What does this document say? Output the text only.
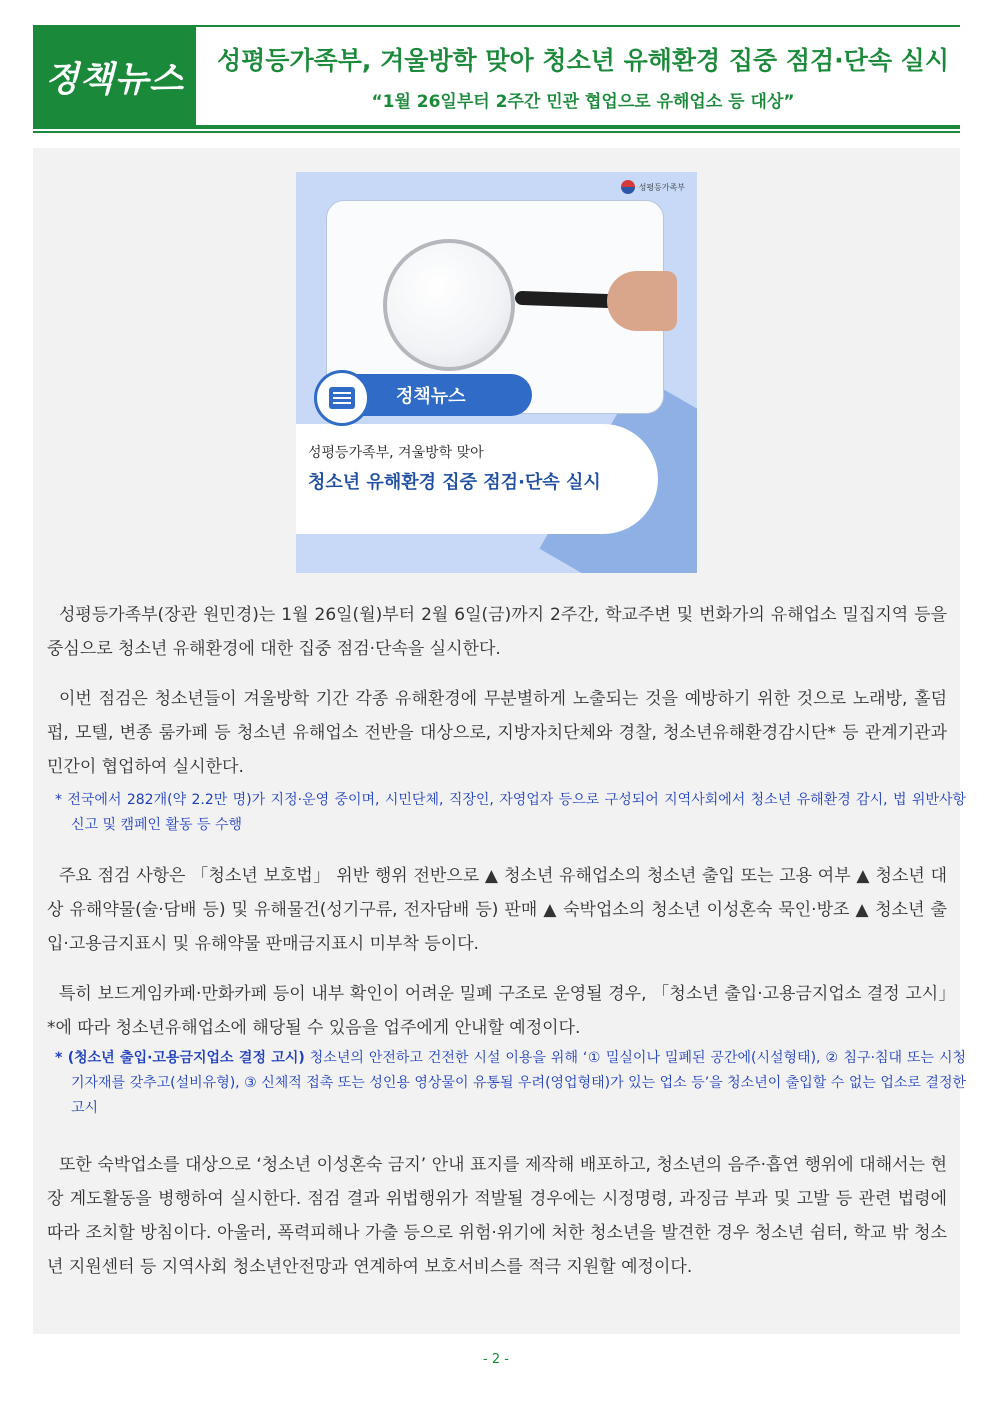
정책뉴스 성평등가족부, 겨울방학 맞아 청소년 유해환경 집중 점검·단속 실시
“1월 26일부터 2주간 민관 협업으로 유해업소 등 대상”
성평등가족부
정책뉴스
성평등가족부, 겨울방학 맞아
청소년 유해환경 집중 점검·단속 실시
성평등가족부(장관 원민경)는 1월 26일(월)부터 2월 6일(금)까지 2주간, 학교주변 및 번화가의 유해업소 밀집지역 등을 중심으로 청소년 유해환경에 대한 집중 점검·단속을 실시한다.
이번 점검은 청소년들이 겨울방학 기간 각종 유해환경에 무분별하게 노출되는 것을 예방하기 위한 것으로 노래방, 홀덤펍, 모텔, 변종 룸카페 등 청소년 유해업소 전반을 대상으로, 지방자치단체와 경찰, 청소년유해환경감시단* 등 관계기관과 민간이 협업하여 실시한다.
* 전국에서 282개(약 2.2만 명)가 지정·운영 중이며, 시민단체, 직장인, 자영업자 등으로 구성되어 지역사회에서 청소년 유해환경 감시, 법 위반사항 신고 및 캠페인 활동 등 수행
주요 점검 사항은 「청소년 보호법」 위반 행위 전반으로 ▲ 청소년 유해업소의 청소년 출입 또는 고용 여부 ▲ 청소년 대상 유해약물(술·담배 등) 및 유해물건(성기구류, 전자담배 등) 판매 ▲ 숙박업소의 청소년 이성혼숙 묵인·방조 ▲ 청소년 출입·고용금지표시 및 유해약물 판매금지표시 미부착 등이다.
특히 보드게임카페·만화카페 등이 내부 확인이 어려운 밀폐 구조로 운영될 경우, 「청소년 출입·고용금지업소 결정 고시」*에 따라 청소년유해업소에 해당될 수 있음을 업주에게 안내할 예정이다.
* (청소년 출입·고용금지업소 결정 고시) 청소년의 안전하고 건전한 시설 이용을 위해 ‘① 밀실이나 밀폐된 공간에(시설형태), ② 침구·침대 또는 시청 기자재를 갖추고(설비유형), ③ 신체적 접촉 또는 성인용 영상물이 유통될 우려(영업형태)가 있는 업소 등’을 청소년이 출입할 수 없는 업소로 결정한 고시
또한 숙박업소를 대상으로 ‘청소년 이성혼숙 금지’ 안내 표지를 제작해 배포하고, 청소년의 음주·흡연 행위에 대해서는 현장 계도활동을 병행하여 실시한다. 점검 결과 위법행위가 적발될 경우에는 시정명령, 과징금 부과 및 고발 등 관련 법령에 따라 조치할 방침이다. 아울러, 폭력피해나 가출 등으로 위험·위기에 처한 청소년을 발견한 경우 청소년 쉼터, 학교 밖 청소년 지원센터 등 지역사회 청소년안전망과 연계하여 보호서비스를 적극 지원할 예정이다.
- 2 -
